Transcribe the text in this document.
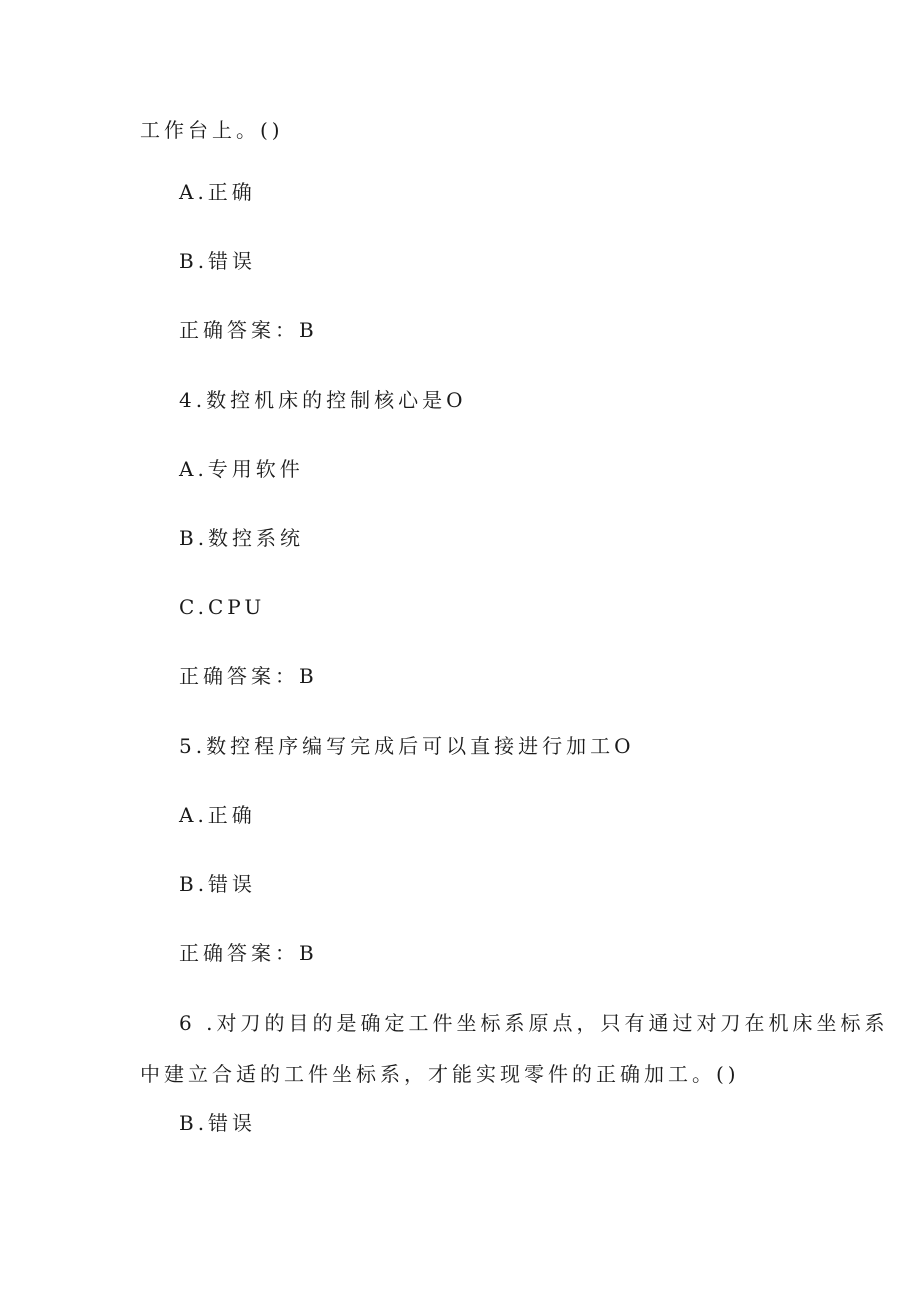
工作台上。()
A.正确
B.错误
正确答案：B
4.数控机床的控制核心是O
A.专用软件
B.数控系统
C.CPU
正确答案：B
5.数控程序编写完成后可以直接进行加工O
A.正确
B.错误
正确答案：B
6 .对刀的目的是确定工件坐标系原点，只有通过对刀在机床坐标系
中建立合适的工件坐标系，才能实现零件的正确加工。()
B.错误
